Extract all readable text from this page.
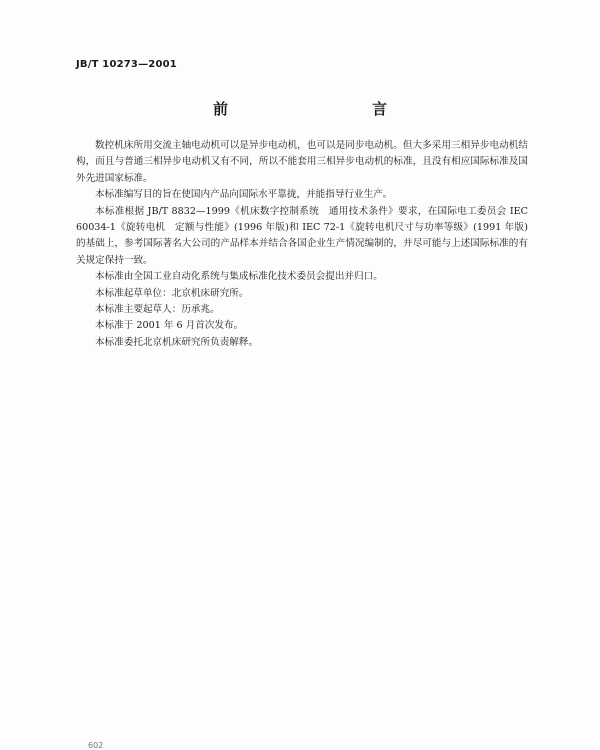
JB/T 10273—2001
前　　言

数控机床所用交流主轴电动机可以是异步电动机，也可以是同步电动机。但大多采用三相异步电动机结构，而且与普通三相异步电动机又有不同，所以不能套用三相异步电动机的标准，且没有相应国际标准及国外先进国家标准。

本标准编写目的旨在使国内产品向国际水平靠拢，并能指导行业生产。

本标准根据 JB/T 8832—1999《机床数字控制系统　通用技术条件》要求，在国际电工委员会 IEC 60034-1《旋转电机　定额与性能》(1996 年版)和 IEC 72-1《旋转电机尺寸与功率等级》(1991 年版)的基础上，参考国际著名大公司的产品样本并结合各国企业生产情况编制的，并尽可能与上述国际标准的有关规定保持一致。

本标准由全国工业自动化系统与集成标准化技术委员会提出并归口。

本标准起草单位：北京机床研究所。

本标准主要起草人：历承兆。

本标准于 2001 年 6 月首次发布。

本标准委托北京机床研究所负责解释。

602
